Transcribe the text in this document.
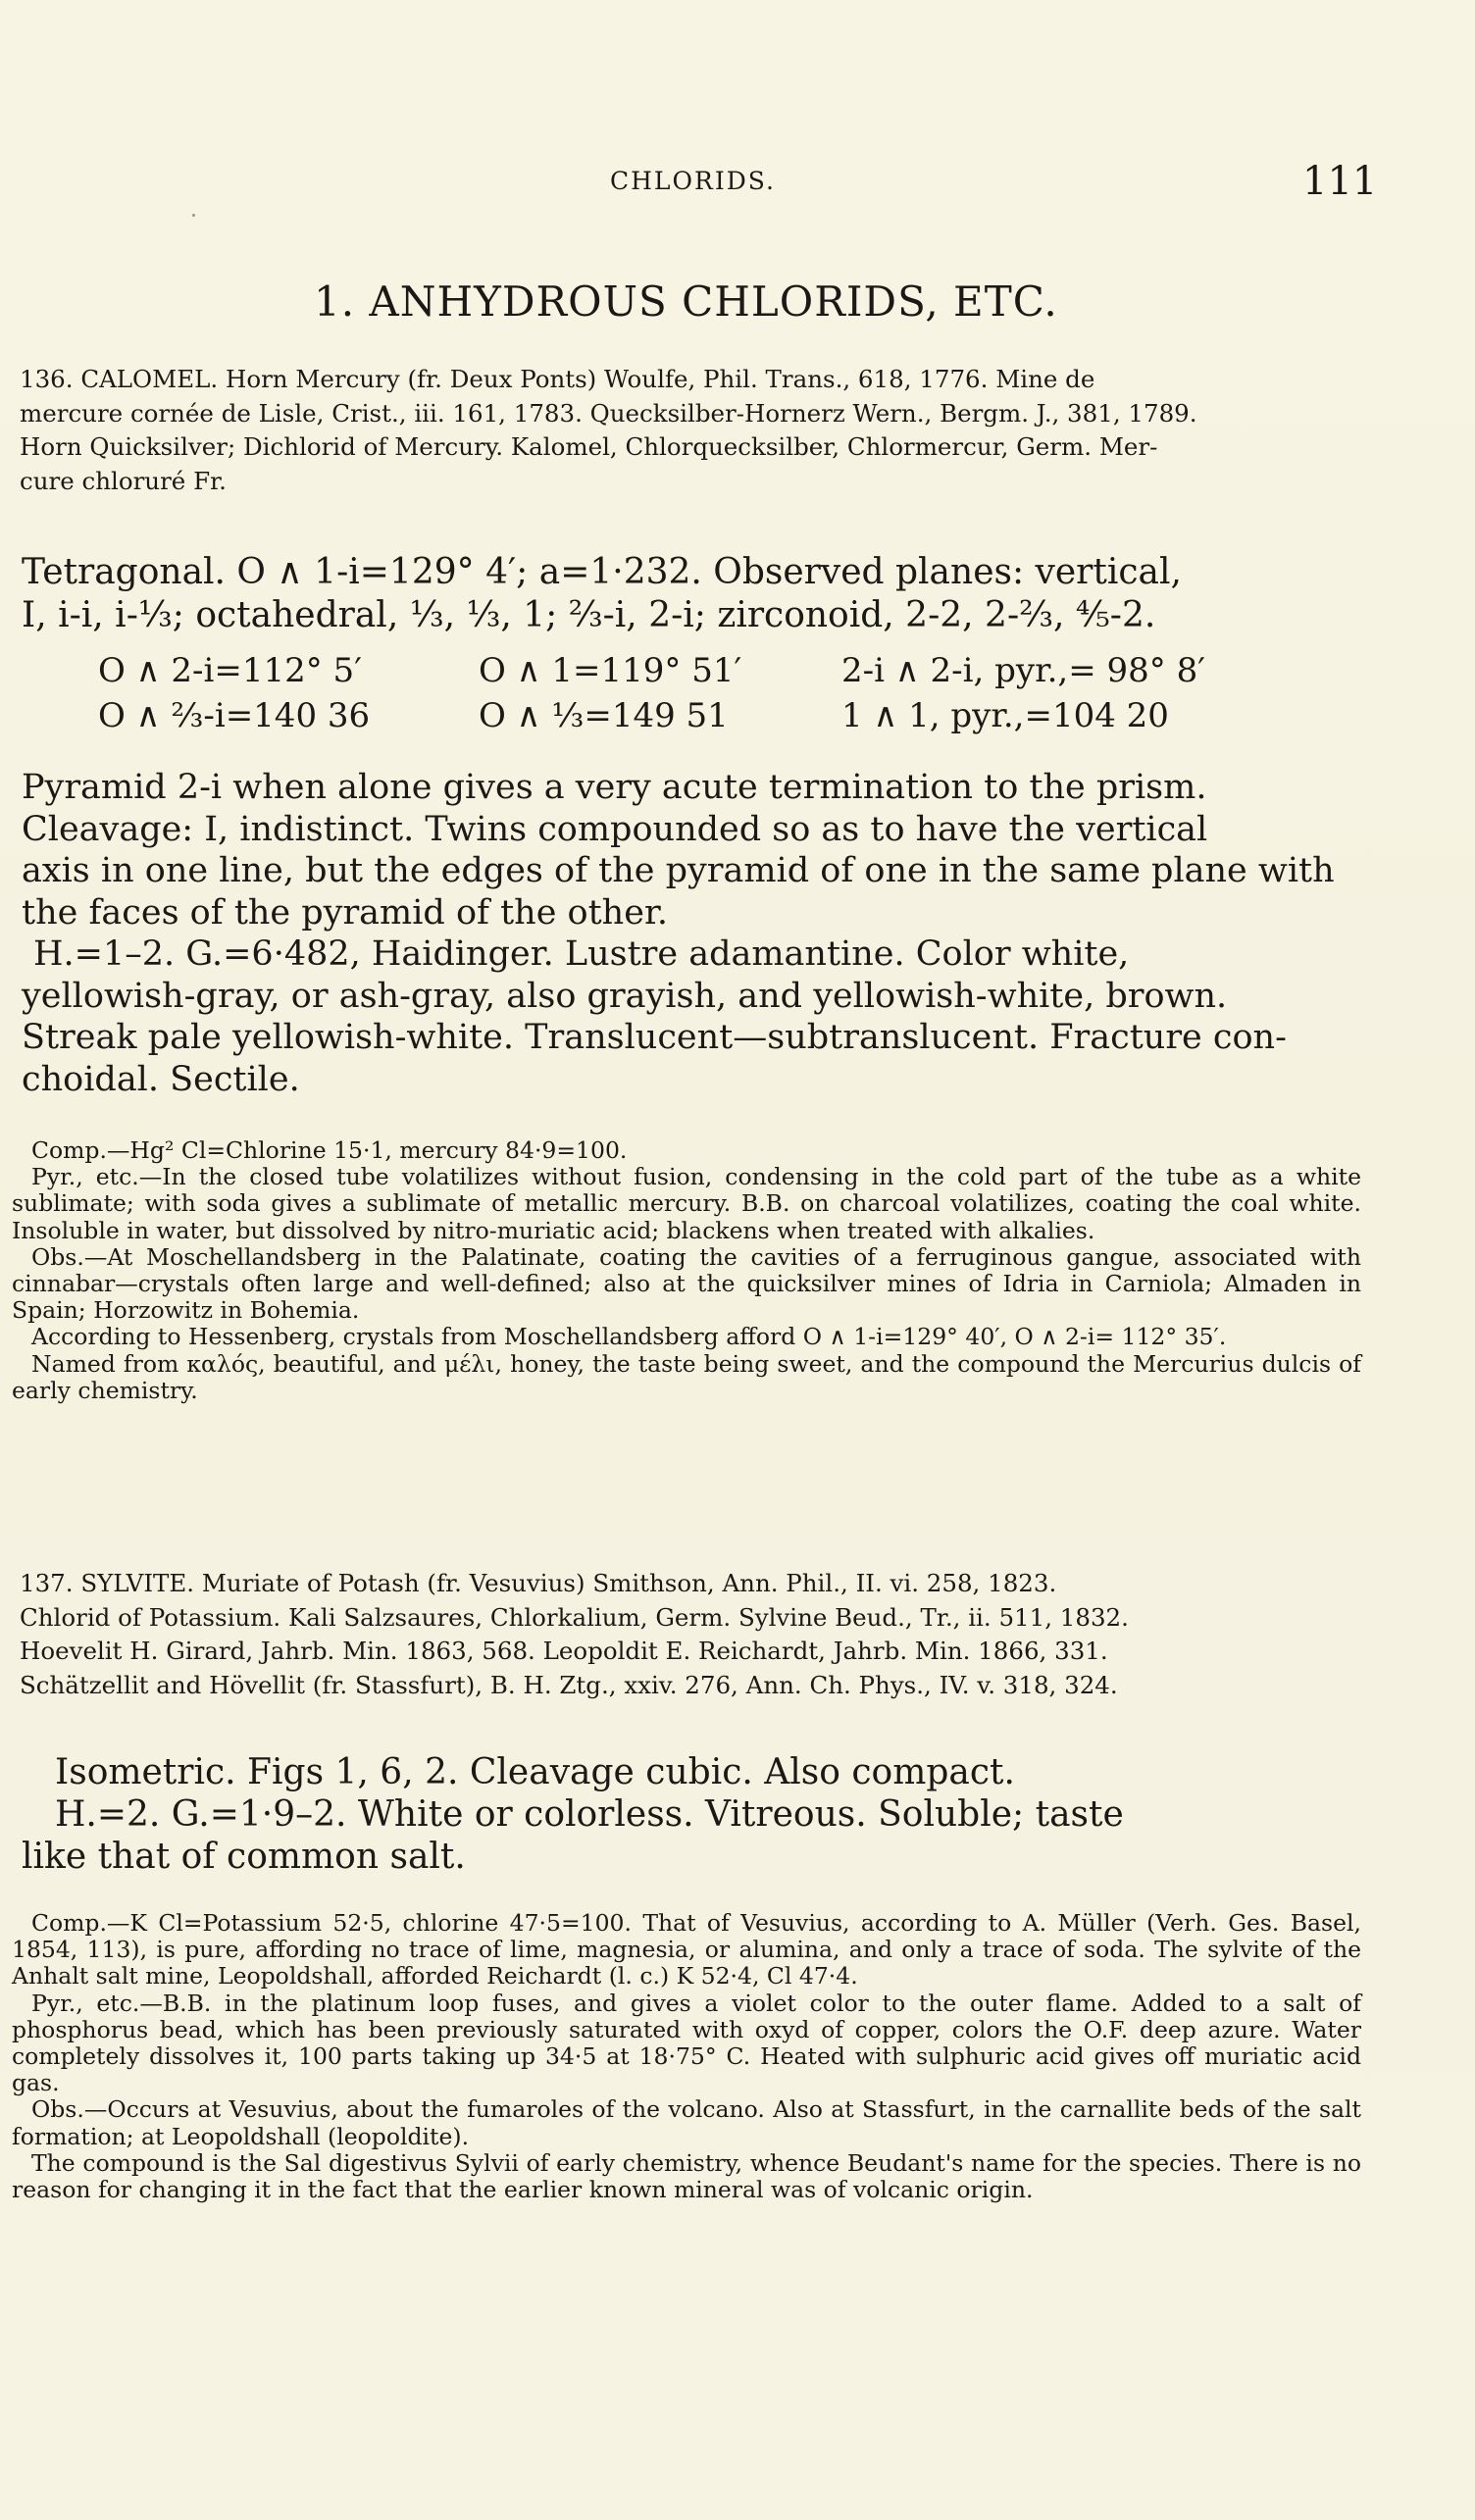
CHLORIDS.	111
1. ANHYDROUS CHLORIDS, ETC.
136. CALOMEL. Horn Mercury (fr. Deux Ponts) Woulfe, Phil. Trans., 618, 1776. Mine de
mercure cornée de Lisle, Crist., iii. 161, 1783. Quecksilber-Hornerz Wern., Bergm. J., 381, 1789.
Horn Quicksilver; Dichlorid of Mercury. Kalomel, Chlorquecksilber, Chlormercur, Germ. Mer-
cure chloruré Fr.
Tetragonal. O ∧ 1-i=129° 4′; a=1·232. Observed planes: vertical,
I, i-i, i-⅓; octahedral, ⅓, ⅓, 1; ⅔-i, 2-i; zirconoid, 2-2, 2-⅔, ⅘-2.
O ∧ 2-i=112° 5′	O ∧ 1=119° 51′	2-i ∧ 2-i, pyr.,= 98° 8′
O ∧ ⅔-i=140 36	O ∧ ⅓=149 51	1 ∧ 1, pyr.,=104 20
Pyramid 2-i when alone gives a very acute termination to the prism.
Cleavage: I, indistinct. Twins compounded so as to have the vertical
axis in one line, but the edges of the pyramid of one in the same plane with
the faces of the pyramid of the other.
H.=1–2. G.=6·482, Haidinger. Lustre adamantine. Color white,
yellowish-gray, or ash-gray, also grayish, and yellowish-white, brown.
Streak pale yellowish-white. Translucent—subtranslucent. Fracture con-
choidal. Sectile.

Comp.—Hg² Cl=Chlorine 15·1, mercury 84·9=100.

Pyr., etc.—In the closed tube volatilizes without fusion, condensing in the cold part of the tube as a white sublimate; with soda gives a sublimate of metallic mercury. B.B. on charcoal volatilizes, coating the coal white. Insoluble in water, but dissolved by nitro-muriatic acid; blackens when treated with alkalies.

Obs.—At Moschellandsberg in the Palatinate, coating the cavities of a ferruginous gangue, associated with cinnabar—crystals often large and well-defined; also at the quicksilver mines of Idria in Carniola; Almaden in Spain; Horzowitz in Bohemia.

According to Hessenberg, crystals from Moschellandsberg afford O ∧ 1-i=129° 40′, O ∧ 2-i= 112° 35′.

Named from καλός, beautiful, and μέλι, honey, the taste being sweet, and the compound the Mercurius dulcis of early chemistry.

137. SYLVITE. Muriate of Potash (fr. Vesuvius) Smithson, Ann. Phil., II. vi. 258, 1823.
Chlorid of Potassium. Kali Salzsaures, Chlorkalium, Germ. Sylvine Beud., Tr., ii. 511, 1832.
Hoevelit H. Girard, Jahrb. Min. 1863, 568. Leopoldit E. Reichardt, Jahrb. Min. 1866, 331.
Schätzellit and Hövellit (fr. Stassfurt), B. H. Ztg., xxiv. 276, Ann. Ch. Phys., IV. v. 318, 324.
Isometric. Figs 1, 6, 2. Cleavage cubic. Also compact.
H.=2. G.=1·9–2. White or colorless. Vitreous. Soluble; taste
like that of common salt.

Comp.—K Cl=Potassium 52·5, chlorine 47·5=100. That of Vesuvius, according to A. Müller (Verh. Ges. Basel, 1854, 113), is pure, affording no trace of lime, magnesia, or alumina, and only a trace of soda. The sylvite of the Anhalt salt mine, Leopoldshall, afforded Reichardt (l. c.) K 52·4, Cl 47·4.

Pyr., etc.—B.B. in the platinum loop fuses, and gives a violet color to the outer flame. Added to a salt of phosphorus bead, which has been previously saturated with oxyd of copper, colors the O.F. deep azure. Water completely dissolves it, 100 parts taking up 34·5 at 18·75° C. Heated with sulphuric acid gives off muriatic acid gas.

Obs.—Occurs at Vesuvius, about the fumaroles of the volcano. Also at Stassfurt, in the carnallite beds of the salt formation; at Leopoldshall (leopoldite).

The compound is the Sal digestivus Sylvii of early chemistry, whence Beudant's name for the species. There is no reason for changing it in the fact that the earlier known mineral was of volcanic origin.
